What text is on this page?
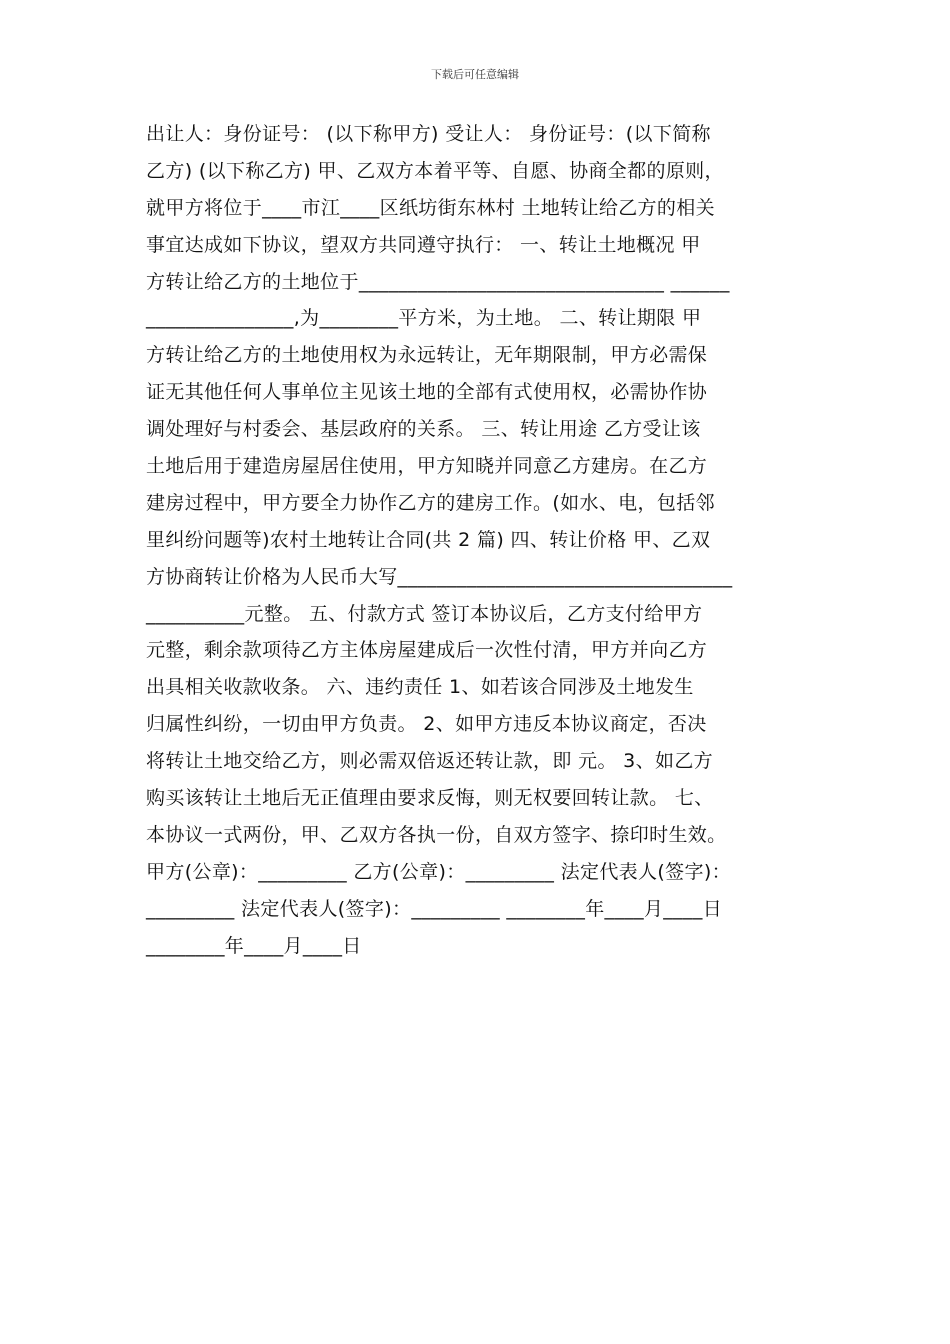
下载后可任意编辑
出让人：身份证号： (以下称甲方) 受让人： 身份证号：(以下简称
乙方) (以下称乙方) 甲、乙双方本着平等、自愿、协商全都的原则，
就甲方将位于____市江____区纸坊街东林村 土地转让给乙方的相关
事宜达成如下协议，望双方共同遵守执行： 一、转让土地概况 甲
方转让给乙方的土地位于_______________________________ ______
_______________,为________平方米，为土地。 二、转让期限 甲
方转让给乙方的土地使用权为永远转让，无年期限制，甲方必需保
证无其他任何人事单位主见该土地的全部有式使用权，必需协作协
调处理好与村委会、基层政府的关系。 三、转让用途 乙方受让该
土地后用于建造房屋居住使用，甲方知晓并同意乙方建房。在乙方
建房过程中，甲方要全力协作乙方的建房工作。(如水、电，包括邻
里纠纷问题等)农村土地转让合同(共 2 篇) 四、转让价格 甲、乙双
方协商转让价格为人民币大写__________________________________
__________元整。 五、付款方式 签订本协议后，乙方支付给甲方
元整，剩余款项待乙方主体房屋建成后一次性付清，甲方并向乙方
出具相关收款收条。 六、违约责任 1、如若该合同涉及土地发生
归属性纠纷，一切由甲方负责。 2、如甲方违反本协议商定，否决
将转让土地交给乙方，则必需双倍返还转让款，即 元。 3、如乙方
购买该转让土地后无正值理由要求反悔，则无权要回转让款。 七、
本协议一式两份，甲、乙双方各执一份，自双方签字、捺印时生效。
甲方(公章)：_________ 乙方(公章)：_________ 法定代表人(签字)：
_________ 法定代表人(签字)：_________ ________年____月____日
________年____月____日
